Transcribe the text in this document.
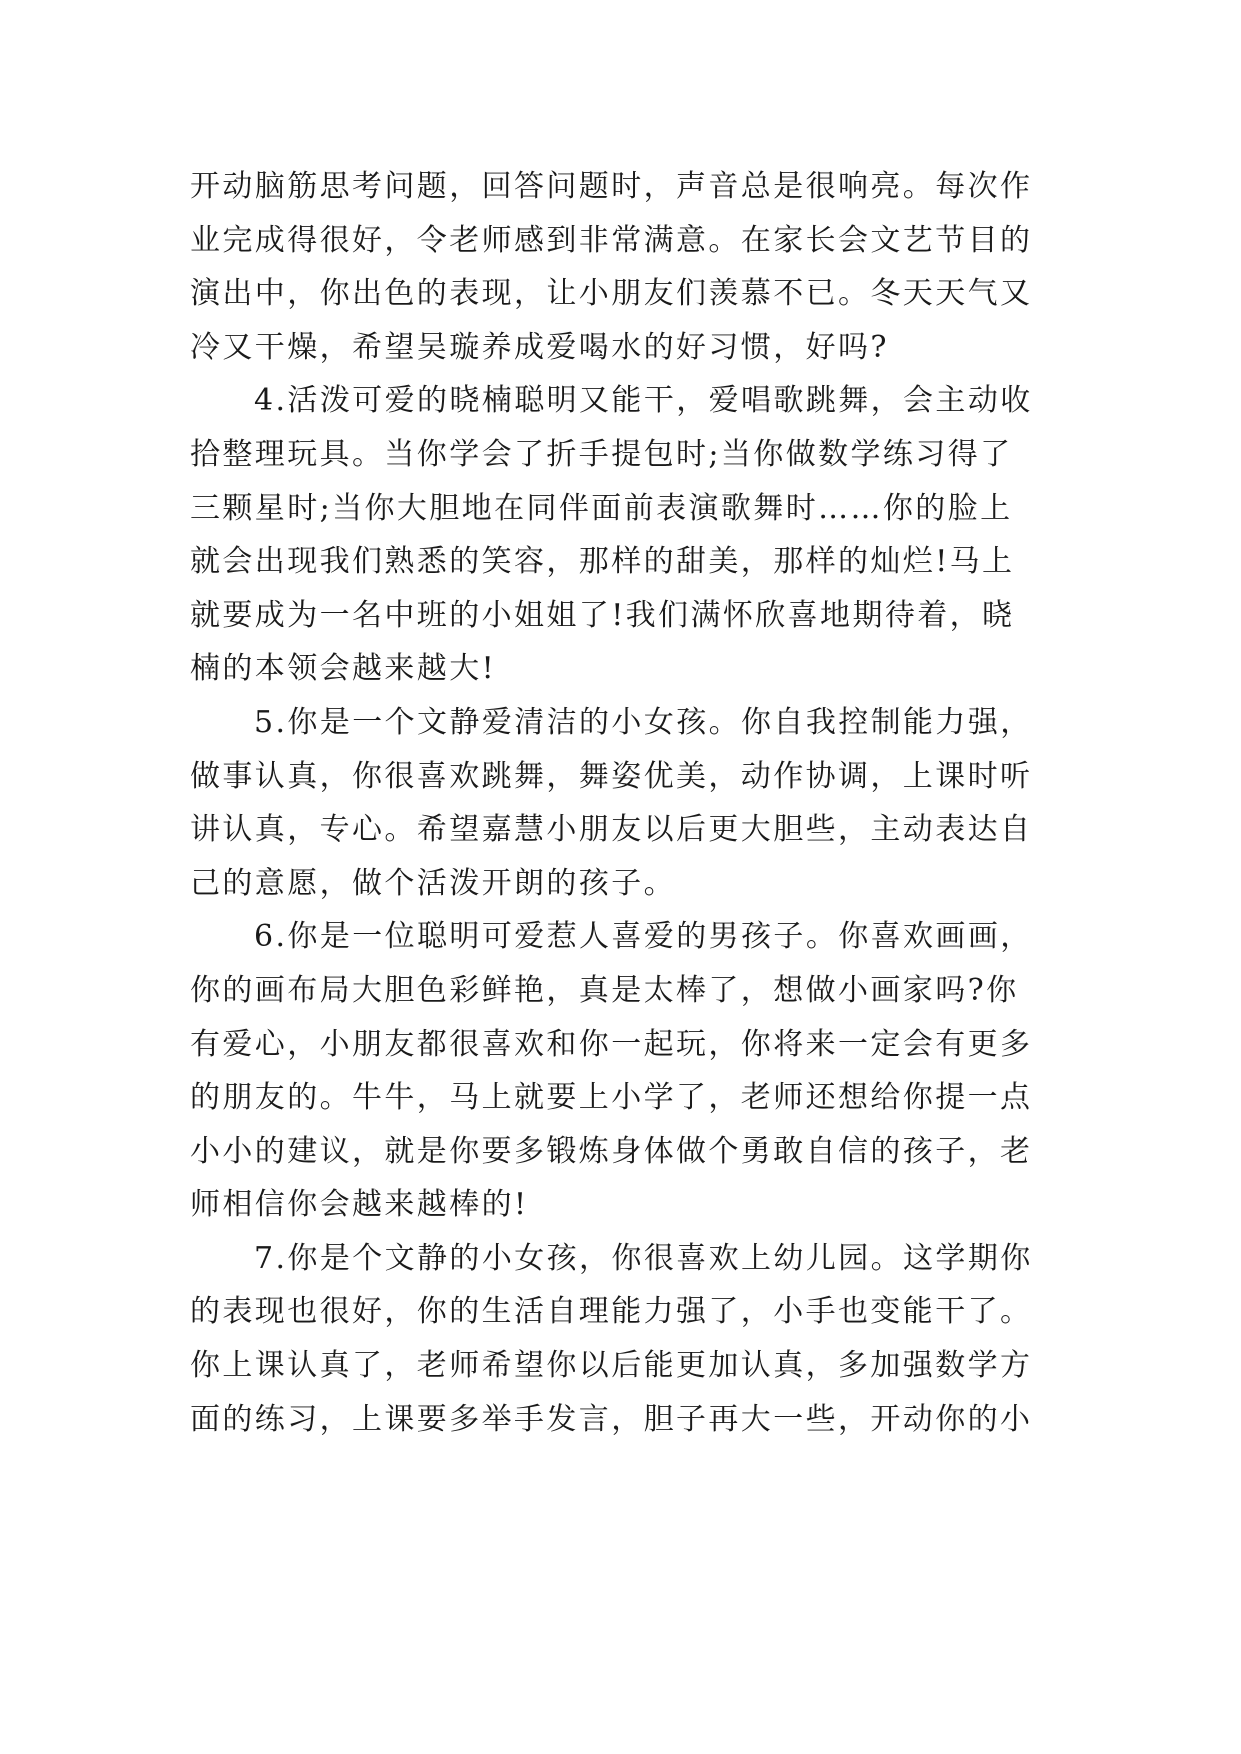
开动脑筋思考问题，回答问题时，声音总是很响亮。每次作
业完成得很好，令老师感到非常满意。在家长会文艺节目的
演出中，你出色的表现，让小朋友们羡慕不已。冬天天气又
冷又干燥，希望吴璇养成爱喝水的好习惯，好吗?
4.活泼可爱的晓楠聪明又能干，爱唱歌跳舞，会主动收
拾整理玩具。当你学会了折手提包时;当你做数学练习得了
三颗星时;当你大胆地在同伴面前表演歌舞时……你的脸上
就会出现我们熟悉的笑容，那样的甜美，那样的灿烂!马上
就要成为一名中班的小姐姐了!我们满怀欣喜地期待着，晓
楠的本领会越来越大!
5.你是一个文静爱清洁的小女孩。你自我控制能力强，
做事认真，你很喜欢跳舞，舞姿优美，动作协调，上课时听
讲认真，专心。希望嘉慧小朋友以后更大胆些，主动表达自
己的意愿，做个活泼开朗的孩子。
6.你是一位聪明可爱惹人喜爱的男孩子。你喜欢画画，
你的画布局大胆色彩鲜艳，真是太棒了，想做小画家吗?你
有爱心，小朋友都很喜欢和你一起玩，你将来一定会有更多
的朋友的。牛牛，马上就要上小学了，老师还想给你提一点
小小的建议，就是你要多锻炼身体做个勇敢自信的孩子，老
师相信你会越来越棒的!
7.你是个文静的小女孩，你很喜欢上幼儿园。这学期你
的表现也很好，你的生活自理能力强了，小手也变能干了。
你上课认真了，老师希望你以后能更加认真，多加强数学方
面的练习，上课要多举手发言，胆子再大一些，开动你的小
